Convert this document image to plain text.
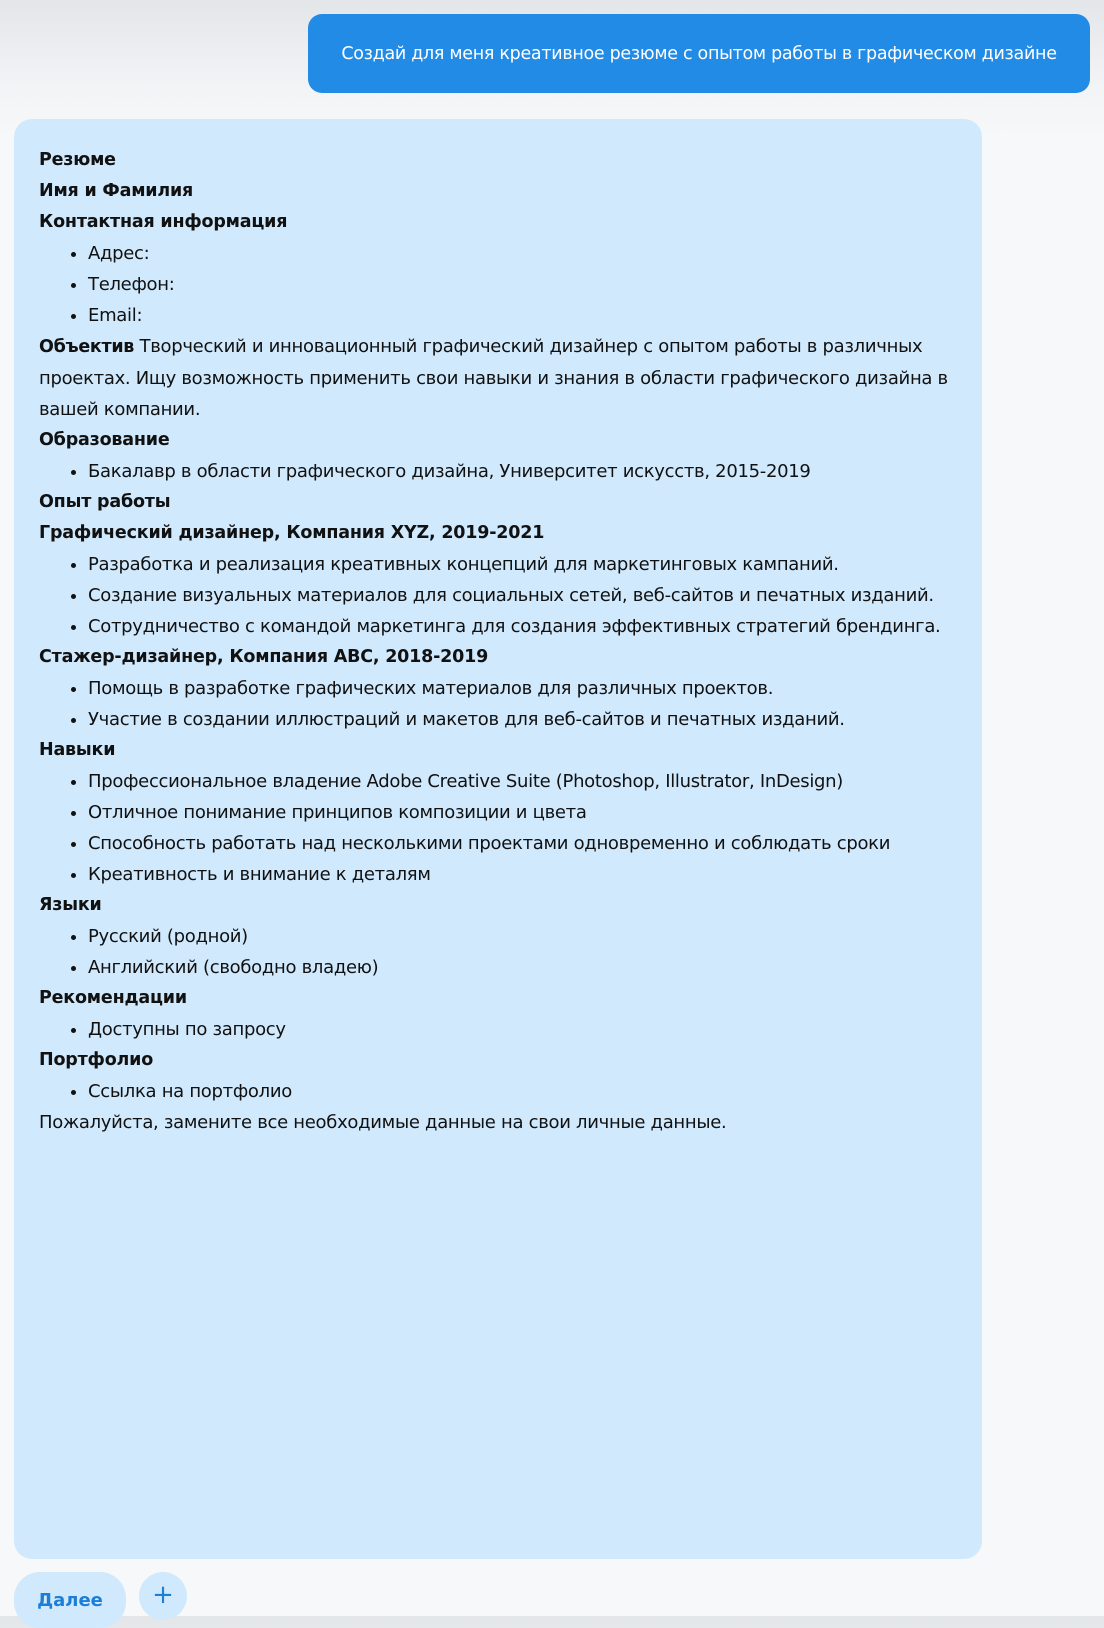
Создай для меня креативное резюме с опытом работы в графическом дизайне
Резюме
Имя и Фамилия
Контактная информация
• Адрес:
• Телефон:
• Email:

Объектив Творческий и инновационный графический дизайнер с опытом работы в различных проектах. Ищу возможность применить свои навыки и знания в области графического дизайна в вашей компании.

Образование
• Бакалавр в области графического дизайна, Университет искусств, 2015-2019
Опыт работы
Графический дизайнер, Компания XYZ, 2019-2021
• Разработка и реализация креативных концепций для маркетинговых кампаний.
• Создание визуальных материалов для социальных сетей, веб-сайтов и печатных изданий.
• Сотрудничество с командой маркетинга для создания эффективных стратегий брендинга.
Стажер-дизайнер, Компания ABC, 2018-2019
• Помощь в разработке графических материалов для различных проектов.
• Участие в создании иллюстраций и макетов для веб-сайтов и печатных изданий.
Навыки
• Профессиональное владение Adobe Creative Suite (Photoshop, Illustrator, InDesign)
• Отличное понимание принципов композиции и цвета
• Способность работать над несколькими проектами одновременно и соблюдать сроки
• Креативность и внимание к деталям
Языки
• Русский (родной)
• Английский (свободно владею)
Рекомендации
• Доступны по запросу
Портфолио
• Ссылка на портфолио

Пожалуйста, замените все необходимые данные на свои личные данные.

Далее	+
